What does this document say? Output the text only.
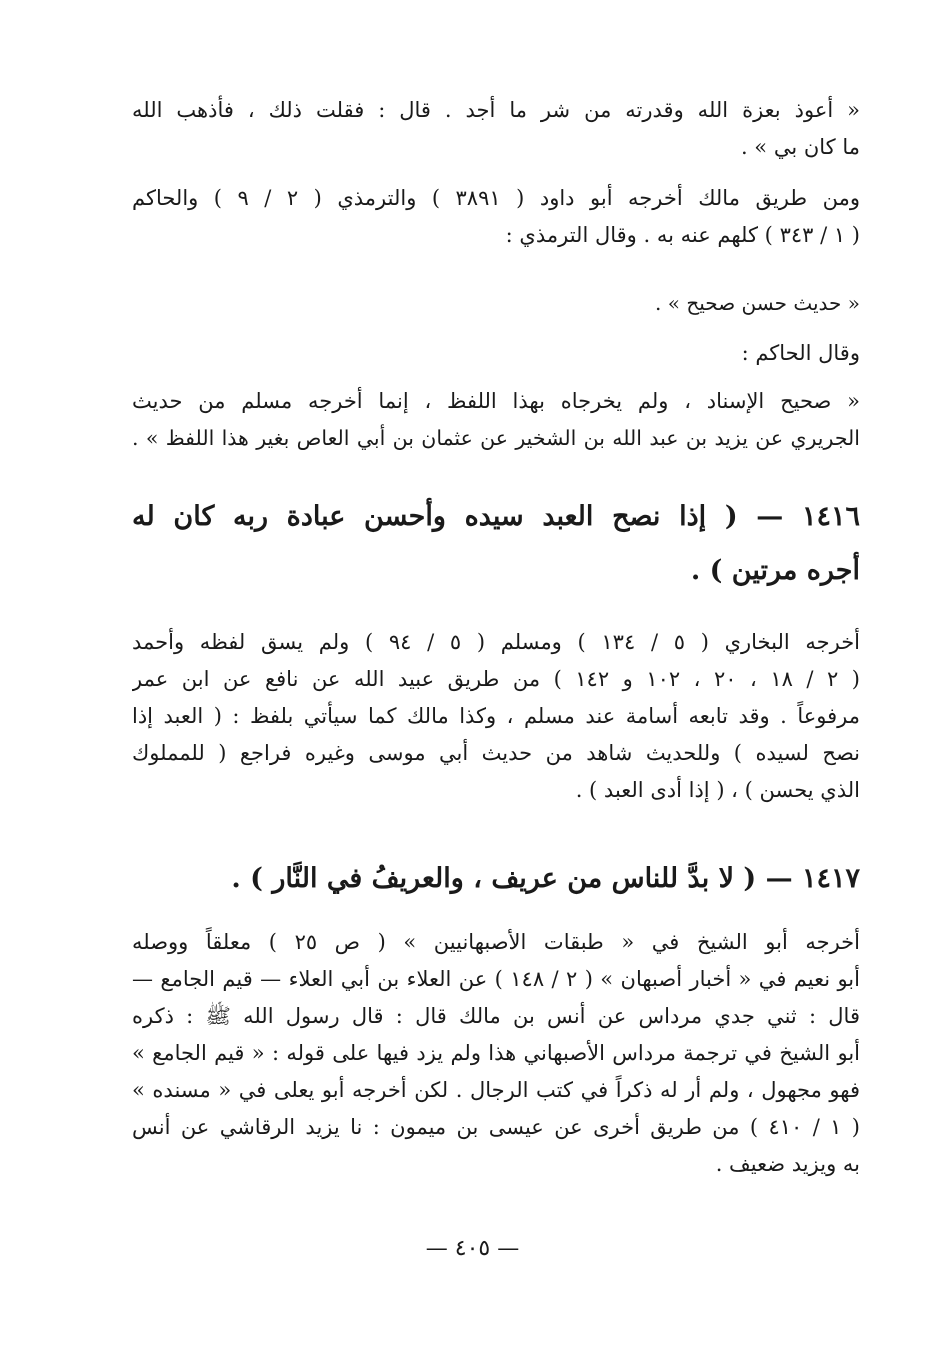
« أعوذ بعزة الله وقدرته من شر ما أجد . قال : فقلت ذلك ، فأذهب الله
ما كان بي » .
ومن طريق مالك أخرجه أبو داود ( ٣٨٩١ ) والترمذي ( ٢ / ٩ ) والحاكم
( ١ / ٣٤٣ ) كلهم عنه به . وقال الترمذي :
« حديث حسن صحيح » .
وقال الحاكم :
« صحيح الإسناد ، ولم يخرجاه بهذا اللفظ ، إنما أخرجه مسلم من حديث
الجريري عن يزيد بن عبد الله بن الشخير عن عثمان بن أبي العاص بغير هذا اللفظ » .
١٤١٦ — ( إذا نصح العبد سيده وأحسن عبادة ربه كان له
أجره مرتين ) .
أخرجه البخاري ( ٥ / ١٣٤ ) ومسلم ( ٥ / ٩٤ ) ولم يسق لفظه وأحمد
( ٢ / ١٨ ، ٢٠ ، ١٠٢ و ١٤٢ ) من طريق عبيد الله عن نافع عن ابن عمر
مرفوعاً . وقد تابعه أسامة عند مسلم ، وكذا مالك كما سيأتي بلفظ : ( العبد إذا
نصح لسيده ) وللحديث شاهد من حديث أبي موسى وغيره فراجع ( للمملوك
الذي يحسن ) ، ( إذا أدى العبد ) .
١٤١٧ — ( لا بدَّ للناس من عريف ، والعريفُ في النَّار ) .
أخرجه أبو الشيخ في « طبقات الأصبهانيين » ( ص ٢٥ ) معلقاً ووصله
أبو نعيم في « أخبار أصبهان » ( ٢ / ١٤٨ ) عن العلاء بن أبي العلاء — قيم الجامع —
قال : ثني جدي مرداس عن أنس بن مالك قال : قال رسول الله ﷺ : ذكره
أبو الشيخ في ترجمة مرداس الأصبهاني هذا ولم يزد فيها على قوله : « قيم الجامع »
فهو مجهول ، ولم أر له ذكراً في كتب الرجال . لكن أخرجه أبو يعلى في « مسنده »
( ١ / ٤١٠ ) من طريق أخرى عن عيسى بن ميمون : نا يزيد الرقاشي عن أنس
به ويزيد ضعيف .
— ٤٠٥ —
